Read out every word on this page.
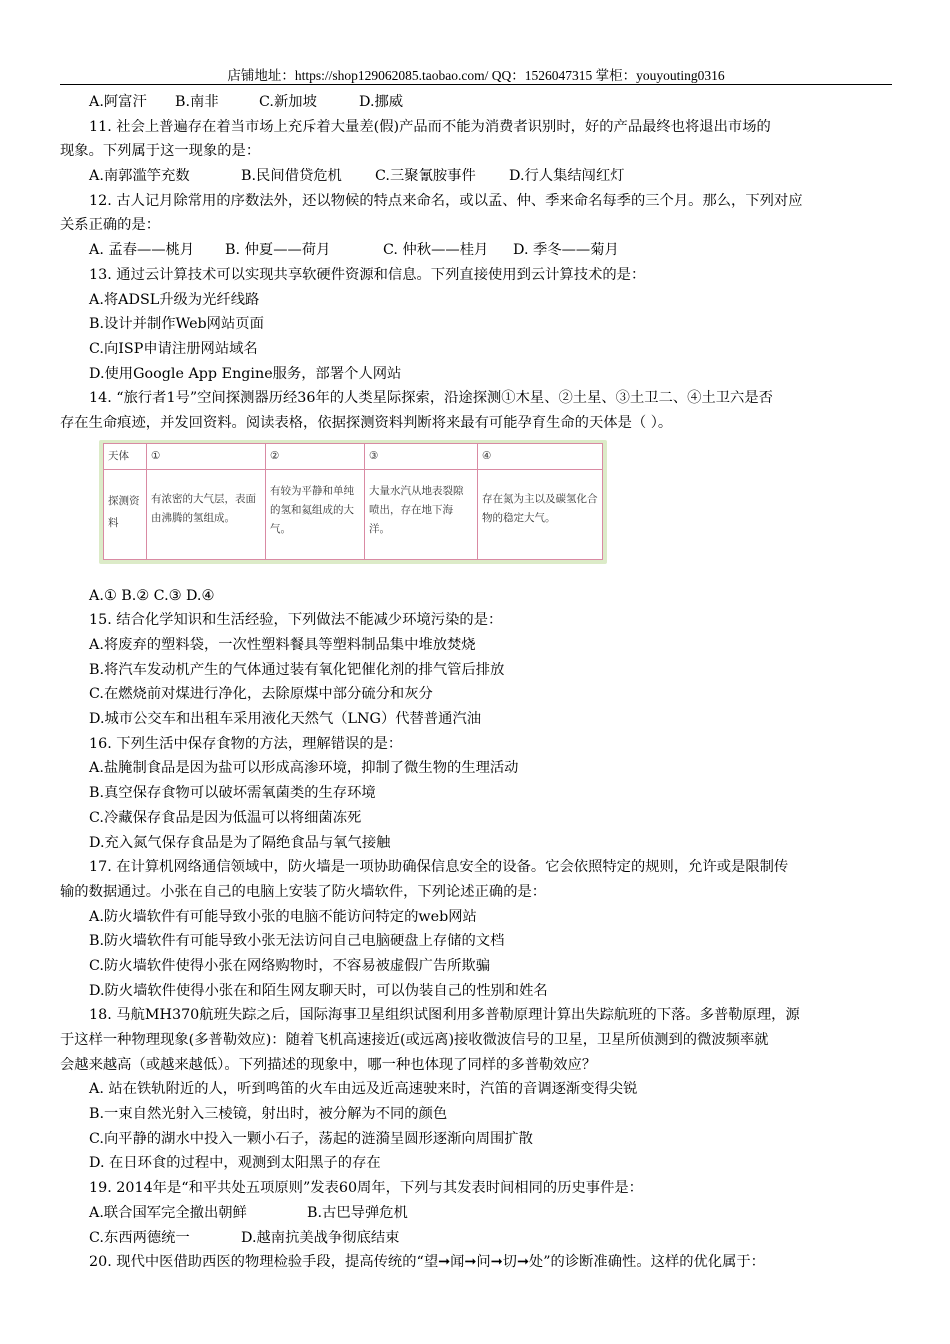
店铺地址：https://shop129062085.taobao.com/ QQ：1526047315 掌柜：youyouting0316
A.阿富汗 B.南非	C.新加坡	D.挪威
11. 社会上普遍存在着当市场上充斥着大量差(假)产品而不能为消费者识别时，好的产品最终也将退出市场的
现象。下列属于这一现象的是：
A.南郭滥竽充数	B.民间借贷危机 C.三聚氰胺事件 D.行人集结闯红灯
12. 古人记月除常用的序数法外，还以物候的特点来命名，或以孟、仲、季来命名每季的三个月。那么，下列对应
关系正确的是：
A. 孟春——桃月 B. 仲夏——荷月	C. 仲秋——桂月 D. 季冬——菊月
13. 通过云计算技术可以实现共享软硬件资源和信息。下列直接使用到云计算技术的是：
A.将ADSL升级为光纤线路
B.设计并制作Web网站页面
C.向ISP申请注册网站域名
D.使用Google App Engine服务，部署个人网站
14. “旅行者1号”空间探测器历经36年的人类星际探索，沿途探测①木星、②土星、③土卫二、④土卫六是否
存在生命痕迹，并发回资料。阅读表格，依据探测资料判断将来最有可能孕育生命的天体是（ ）。
天体	①	②	③	④
探测资料	有浓密的大气层，表面由沸腾的氢组成。	有较为平静和单纯的氢和氦组成的大气。	大量水汽从地表裂隙喷出，存在地下海洋。	存在氮为主以及碳氢化合物的稳定大气。
A.① B.② C.③ D.④
15. 结合化学知识和生活经验，下列做法不能减少环境污染的是：
A.将废弃的塑料袋，一次性塑料餐具等塑料制品集中堆放焚烧
B.将汽车发动机产生的气体通过装有氧化钯催化剂的排气管后排放
C.在燃烧前对煤进行净化，去除原煤中部分硫分和灰分
D.城市公交车和出租车采用液化天然气（LNG）代替普通汽油
16. 下列生活中保存食物的方法，理解错误的是：
A.盐腌制食品是因为盐可以形成高渗环境，抑制了微生物的生理活动
B.真空保存食物可以破坏需氧菌类的生存环境
C.冷藏保存食品是因为低温可以将细菌冻死
D.充入氮气保存食品是为了隔绝食品与氧气接触
17. 在计算机网络通信领域中，防火墙是一项协助确保信息安全的设备。它会依照特定的规则，允许或是限制传
输的数据通过。小张在自己的电脑上安装了防火墙软件，下列论述正确的是：
A.防火墙软件有可能导致小张的电脑不能访问特定的web网站
B.防火墙软件有可能导致小张无法访问自己电脑硬盘上存储的文档
C.防火墙软件使得小张在网络购物时，不容易被虚假广告所欺骗
D.防火墙软件使得小张在和陌生网友聊天时，可以伪装自己的性别和姓名
18. 马航MH370航班失踪之后，国际海事卫星组织试图利用多普勒原理计算出失踪航班的下落。多普勒原理，源
于这样一种物理现象(多普勒效应)：随着飞机高速接近(或远离)接收微波信号的卫星，卫星所侦测到的微波频率就
会越来越高（或越来越低）。下列描述的现象中，哪一种也体现了同样的多普勒效应？
A. 站在铁轨附近的人，听到鸣笛的火车由远及近高速驶来时，汽笛的音调逐渐变得尖锐
B.一束自然光射入三棱镜，射出时，被分解为不同的颜色
C.向平静的湖水中投入一颗小石子，荡起的涟漪呈圆形逐渐向周围扩散
D. 在日环食的过程中，观测到太阳黑子的存在
19. 2014年是“和平共处五项原则”发表60周年，下列与其发表时间相同的历史事件是：
A.联合国军完全撤出朝鲜	B.古巴导弹危机
C.东西两德统一	D.越南抗美战争彻底结束
20. 现代中医借助西医的物理检验手段，提高传统的“望➞闻➞问➞切➞处”的诊断准确性。这样的优化属于：
